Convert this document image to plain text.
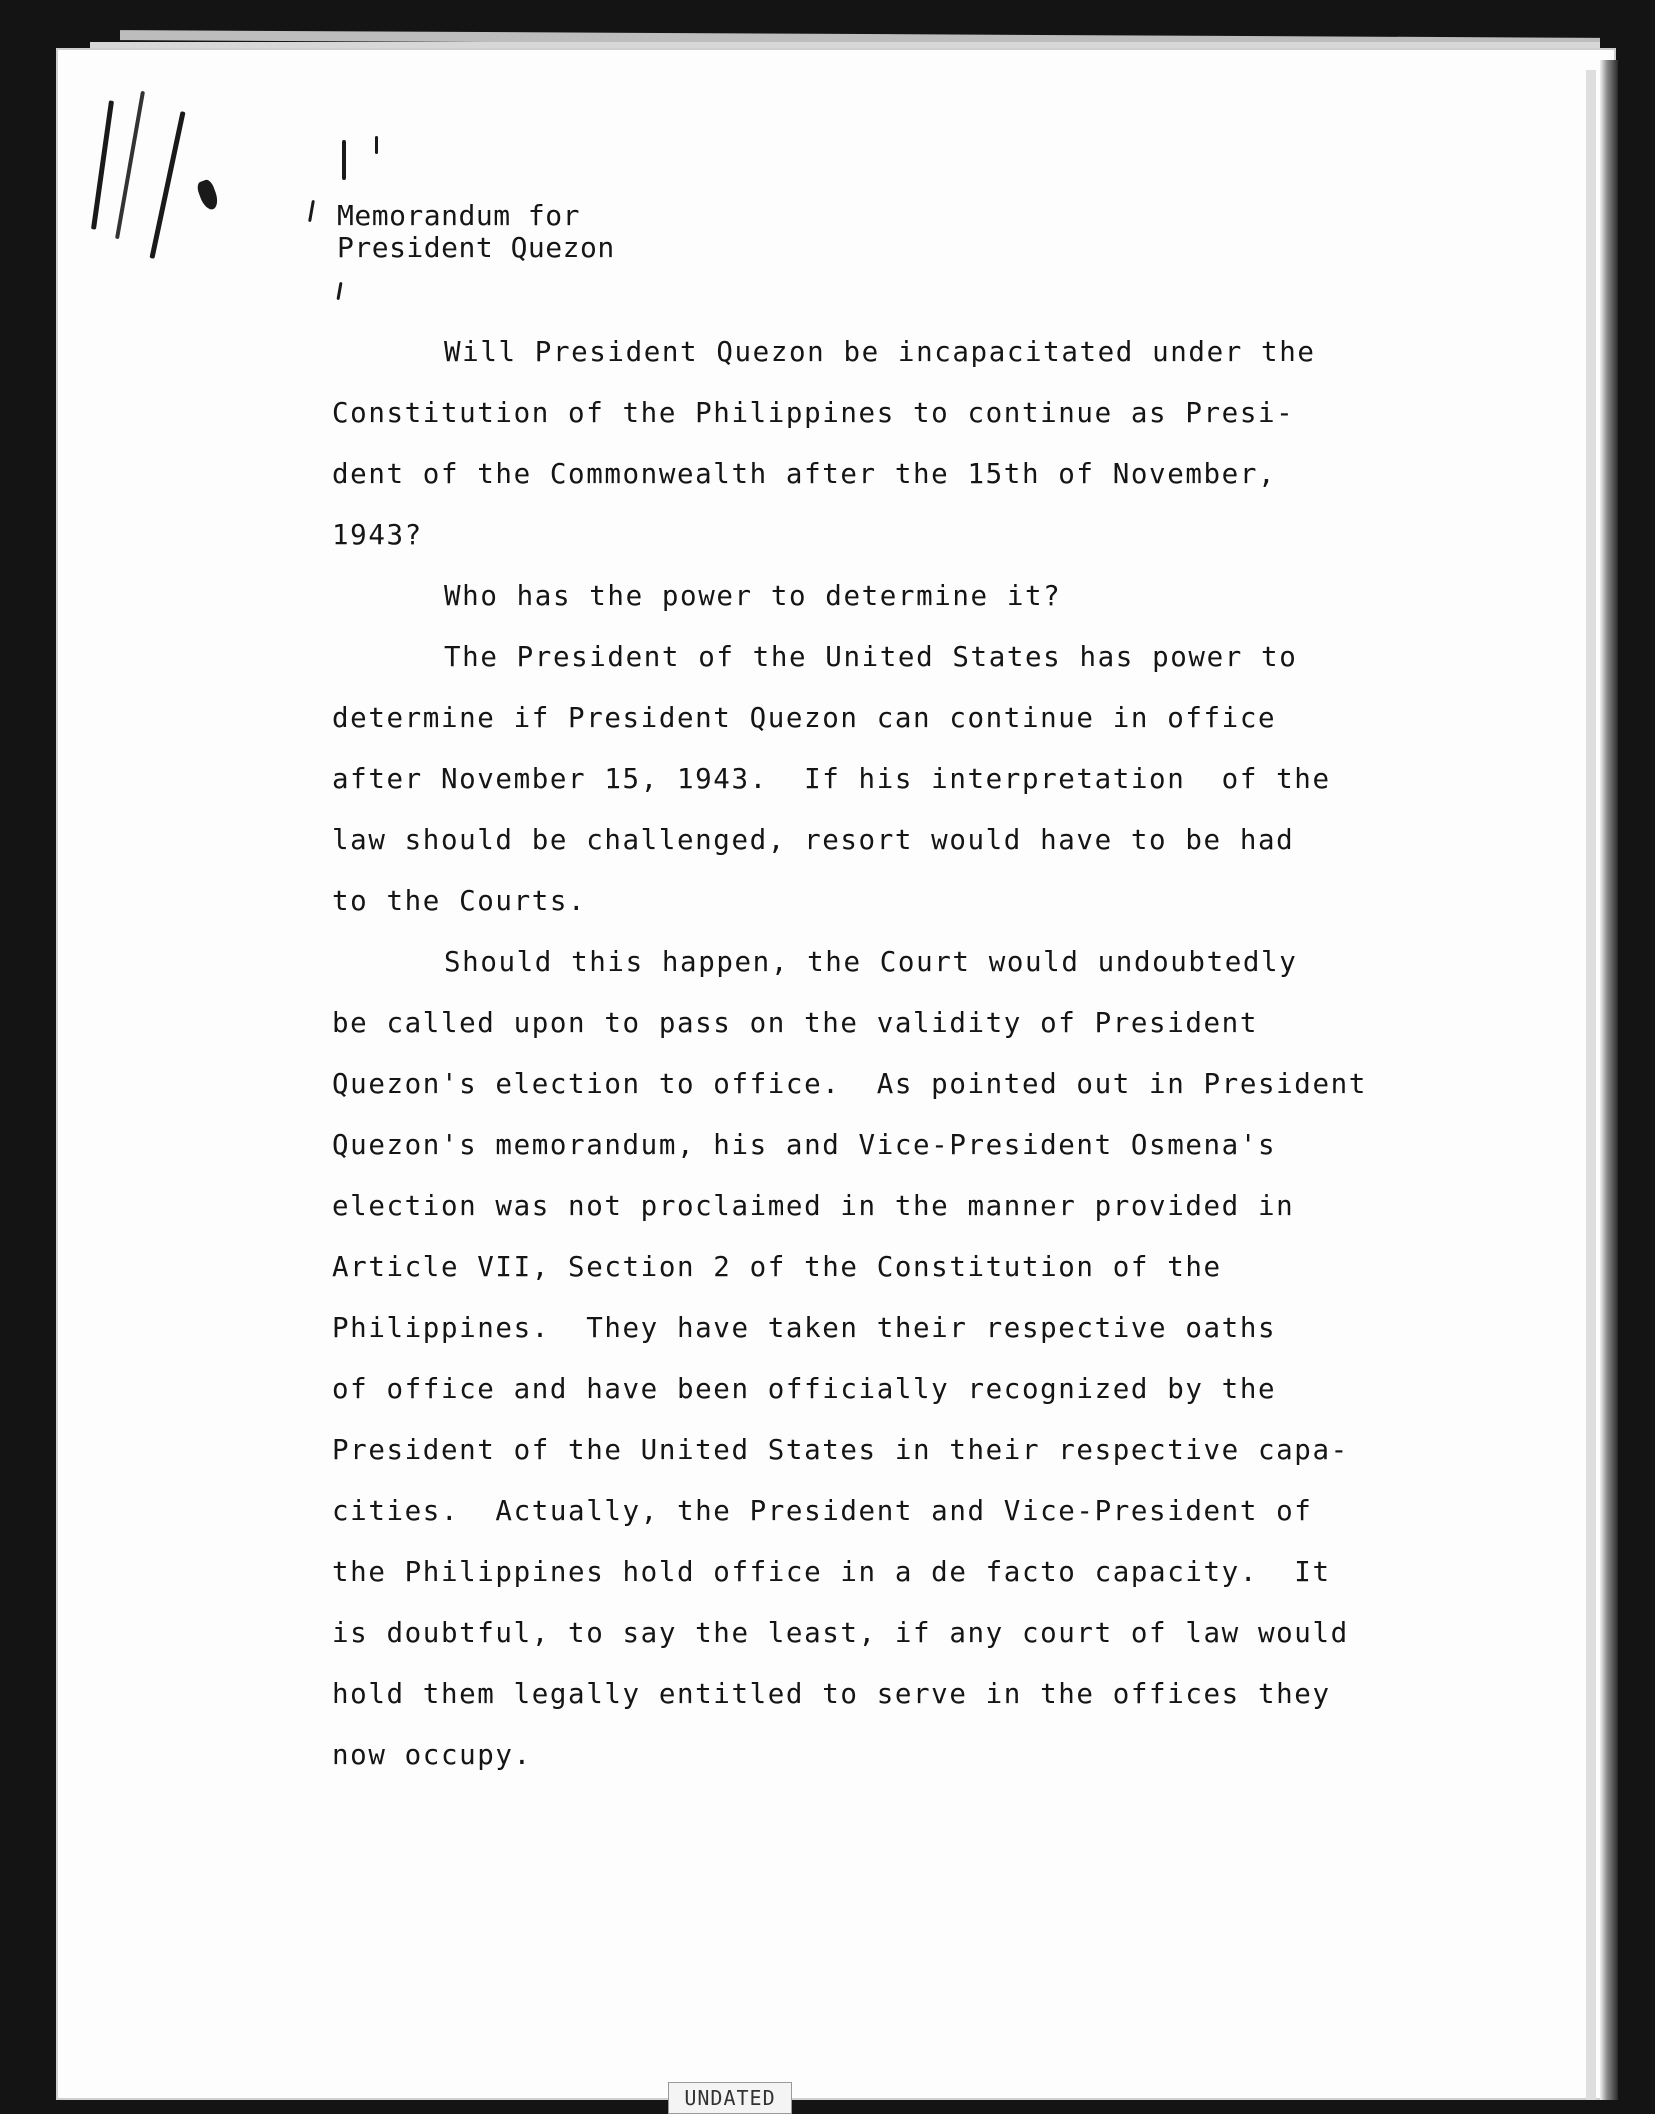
Memorandum for
President Quezon
Will President Quezon be incapacitated under the
Constitution of the Philippines to continue as Presi-
dent of the Commonwealth after the 15th of November,
1943?
Who has the power to determine it?
The President of the United States has power to
determine if President Quezon can continue in office
after November 15, 1943.  If his interpretation  of the
law should be challenged, resort would have to be had
to the Courts.
Should this happen, the Court would undoubtedly
be called upon to pass on the validity of President
Quezon's election to office.  As pointed out in President
Quezon's memorandum, his and Vice-President Osmena's
election was not proclaimed in the manner provided in
Article VII, Section 2 of the Constitution of the
Philippines.  They have taken their respective oaths
of office and have been officially recognized by the
President of the United States in their respective capa-
cities.  Actually, the President and Vice-President of
the Philippines hold office in a de facto capacity.  It
is doubtful, to say the least, if any court of law would
hold them legally entitled to serve in the offices they
now occupy.
UNDATED
